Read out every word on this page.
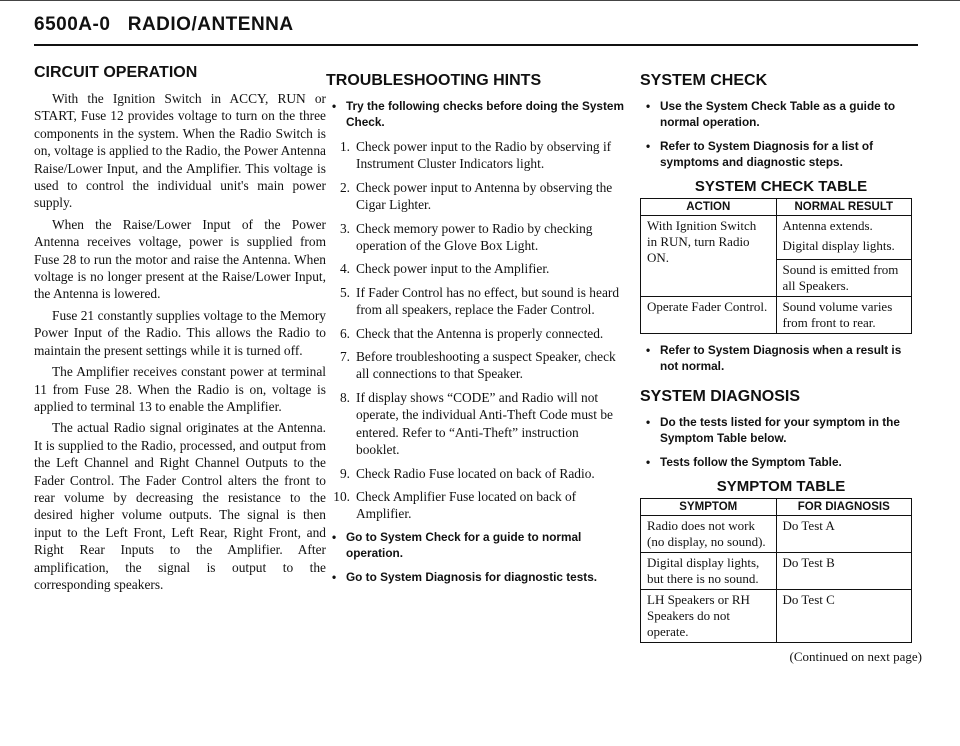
6500A-0   RADIO/ANTENNA
CIRCUIT OPERATION

With the Ignition Switch in ACCY, RUN or START, Fuse 12 provides voltage to turn on the three components in the system. When the Radio Switch is on, voltage is applied to the Radio, the Power Antenna Raise/Lower Input, and the Amplifier. This voltage is used to control the individual unit's main power supply.

When the Raise/Lower Input of the Power Antenna receives voltage, power is supplied from Fuse 28 to run the motor and raise the Antenna. When voltage is no longer present at the Raise/Lower Input, the Antenna is lowered.

Fuse 21 constantly supplies voltage to the Memory Power Input of the Radio. This allows the Radio to maintain the present settings while it is turned off.

The Amplifier receives constant power at terminal 11 from Fuse 28. When the Radio is on, voltage is applied to terminal 13 to enable the Amplifier.

The actual Radio signal originates at the Antenna. It is supplied to the Radio, processed, and output from the Left Channel and Right Channel Outputs to the Fader Control. The Fader Control alters the front to rear volume by decreasing the resistance to the desired higher volume outputs. The signal is then input to the Left Front, Left Rear, Right Front, and Right Rear Inputs to the Amplifier. After amplification, the signal is output to the corresponding speakers.

TROUBLESHOOTING HINTS
• Try the following checks before doing the System Check.
1. Check power input to the Radio by observing if Instrument Cluster Indicators light.
2. Check power input to Antenna by observing the Cigar Lighter.
3. Check memory power to Radio by checking operation of the Glove Box Light.
4. Check power input to the Amplifier.
5. If Fader Control has no effect, but sound is heard from all speakers, replace the Fader Control.
6. Check that the Antenna is properly connected.
7. Before troubleshooting a suspect Speaker, check all connections to that Speaker.
8. If display shows “CODE” and Radio will not operate, the individual Anti-Theft Code must be entered. Refer to “Anti-Theft” instruction booklet.
9. Check Radio Fuse located on back of Radio.
10. Check Amplifier Fuse located on back of Amplifier.
• Go to System Check for a guide to normal operation.
• Go to System Diagnosis for diagnostic tests.
SYSTEM CHECK
• Use the System Check Table as a guide to normal operation.
• Refer to System Diagnosis for a list of symptoms and diagnostic steps.
SYSTEM CHECK TABLE
ACTION	NORMAL RESULT
With Ignition Switch in RUN, turn Radio ON.	Antenna extends.
Digital display lights.
Sound is emitted from all Speakers.

Operate Fader Control.	Sound volume varies from front to rear.
• Refer to System Diagnosis when a result is not normal.
SYSTEM DIAGNOSIS
• Do the tests listed for your symptom in the Symptom Table below.
• Tests follow the Symptom Table.
SYMPTOM TABLE
SYMPTOM	FOR DIAGNOSIS
Radio does not work (no display, no sound).	Do Test A
Digital display lights, but there is no sound.	Do Test B
LH Speakers or RH Speakers do not operate.	Do Test C
(Continued on next page)
